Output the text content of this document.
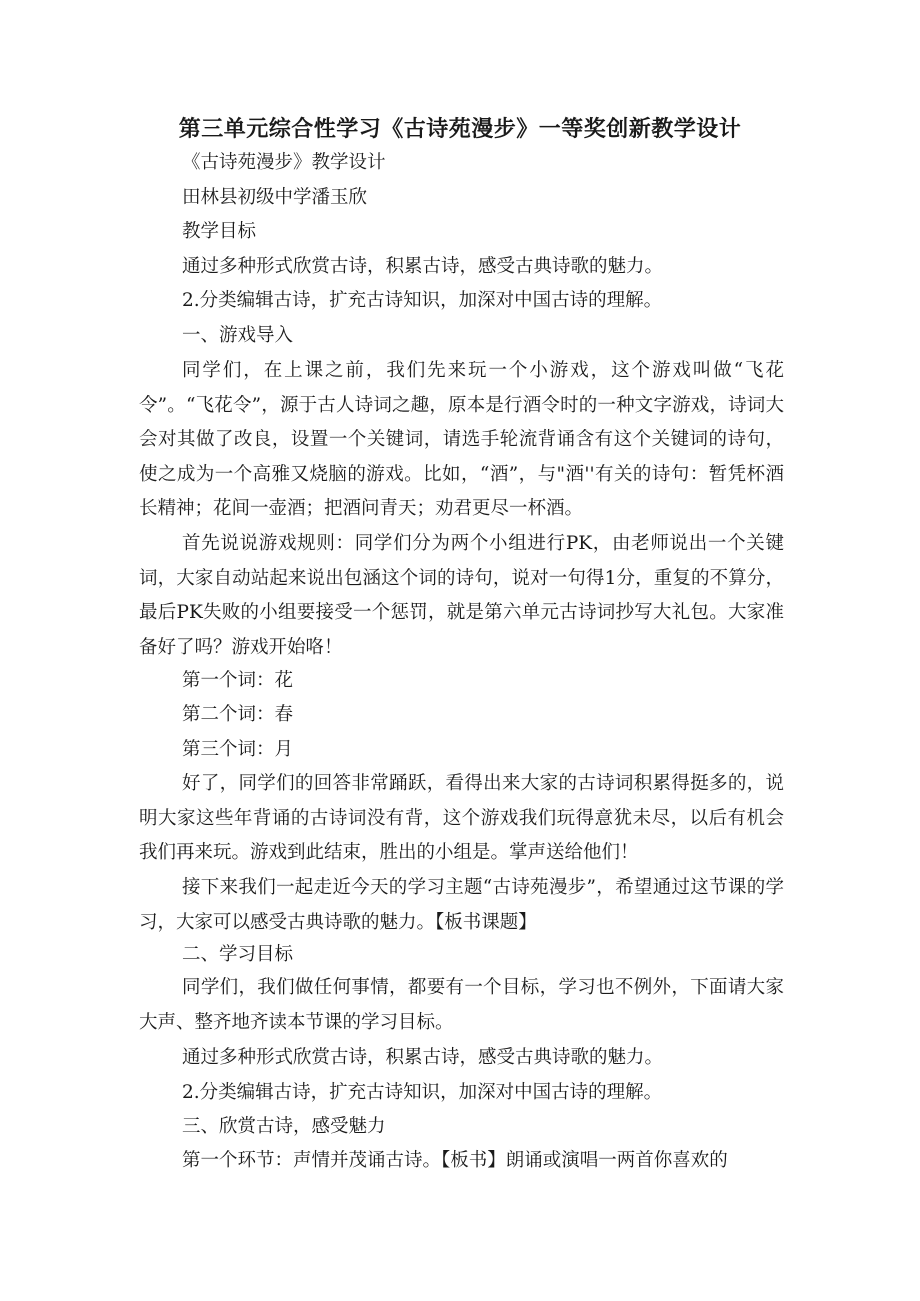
第三单元综合性学习《古诗苑漫步》一等奖创新教学设计
《古诗苑漫步》教学设计
田林县初级中学潘玉欣
教学目标
通过多种形式欣赏古诗，积累古诗，感受古典诗歌的魅力。
2.分类编辑古诗，扩充古诗知识，加深对中国古诗的理解。
一、游戏导入
同学们，在上课之前，我们先来玩一个小游戏，这个游戏叫做“飞花令”。“飞花令”，源于古人诗词之趣，原本是行酒令时的一种文字游戏，诗词大会对其做了改良，设置一个关键词，请选手轮流背诵含有这个关键词的诗句，使之成为一个高雅又烧脑的游戏。比如，“酒”，与"酒''有关的诗句：暂凭杯酒长精神；花间一壶酒；把酒问青天；劝君更尽一杯酒。
首先说说游戏规则：同学们分为两个小组进行PK，由老师说出一个关键词，大家自动站起来说出包涵这个词的诗句，说对一句得1分，重复的不算分，最后PK失败的小组要接受一个惩罚，就是第六单元古诗词抄写大礼包。大家准备好了吗？游戏开始咯！
第一个词：花
第二个词：春
第三个词：月
好了，同学们的回答非常踊跃，看得出来大家的古诗词积累得挺多的，说明大家这些年背诵的古诗词没有背，这个游戏我们玩得意犹未尽，以后有机会我们再来玩。游戏到此结束，胜出的小组是。掌声送给他们！
接下来我们一起走近今天的学习主题“古诗苑漫步”，希望通过这节课的学习，大家可以感受古典诗歌的魅力。【板书课题】
二、学习目标
同学们，我们做任何事情，都要有一个目标，学习也不例外，下面请大家大声、整齐地齐读本节课的学习目标。
通过多种形式欣赏古诗，积累古诗，感受古典诗歌的魅力。
2.分类编辑古诗，扩充古诗知识，加深对中国古诗的理解。
三、欣赏古诗，感受魅力
第一个环节：声情并茂诵古诗。【板书】朗诵或演唱一两首你喜欢的
